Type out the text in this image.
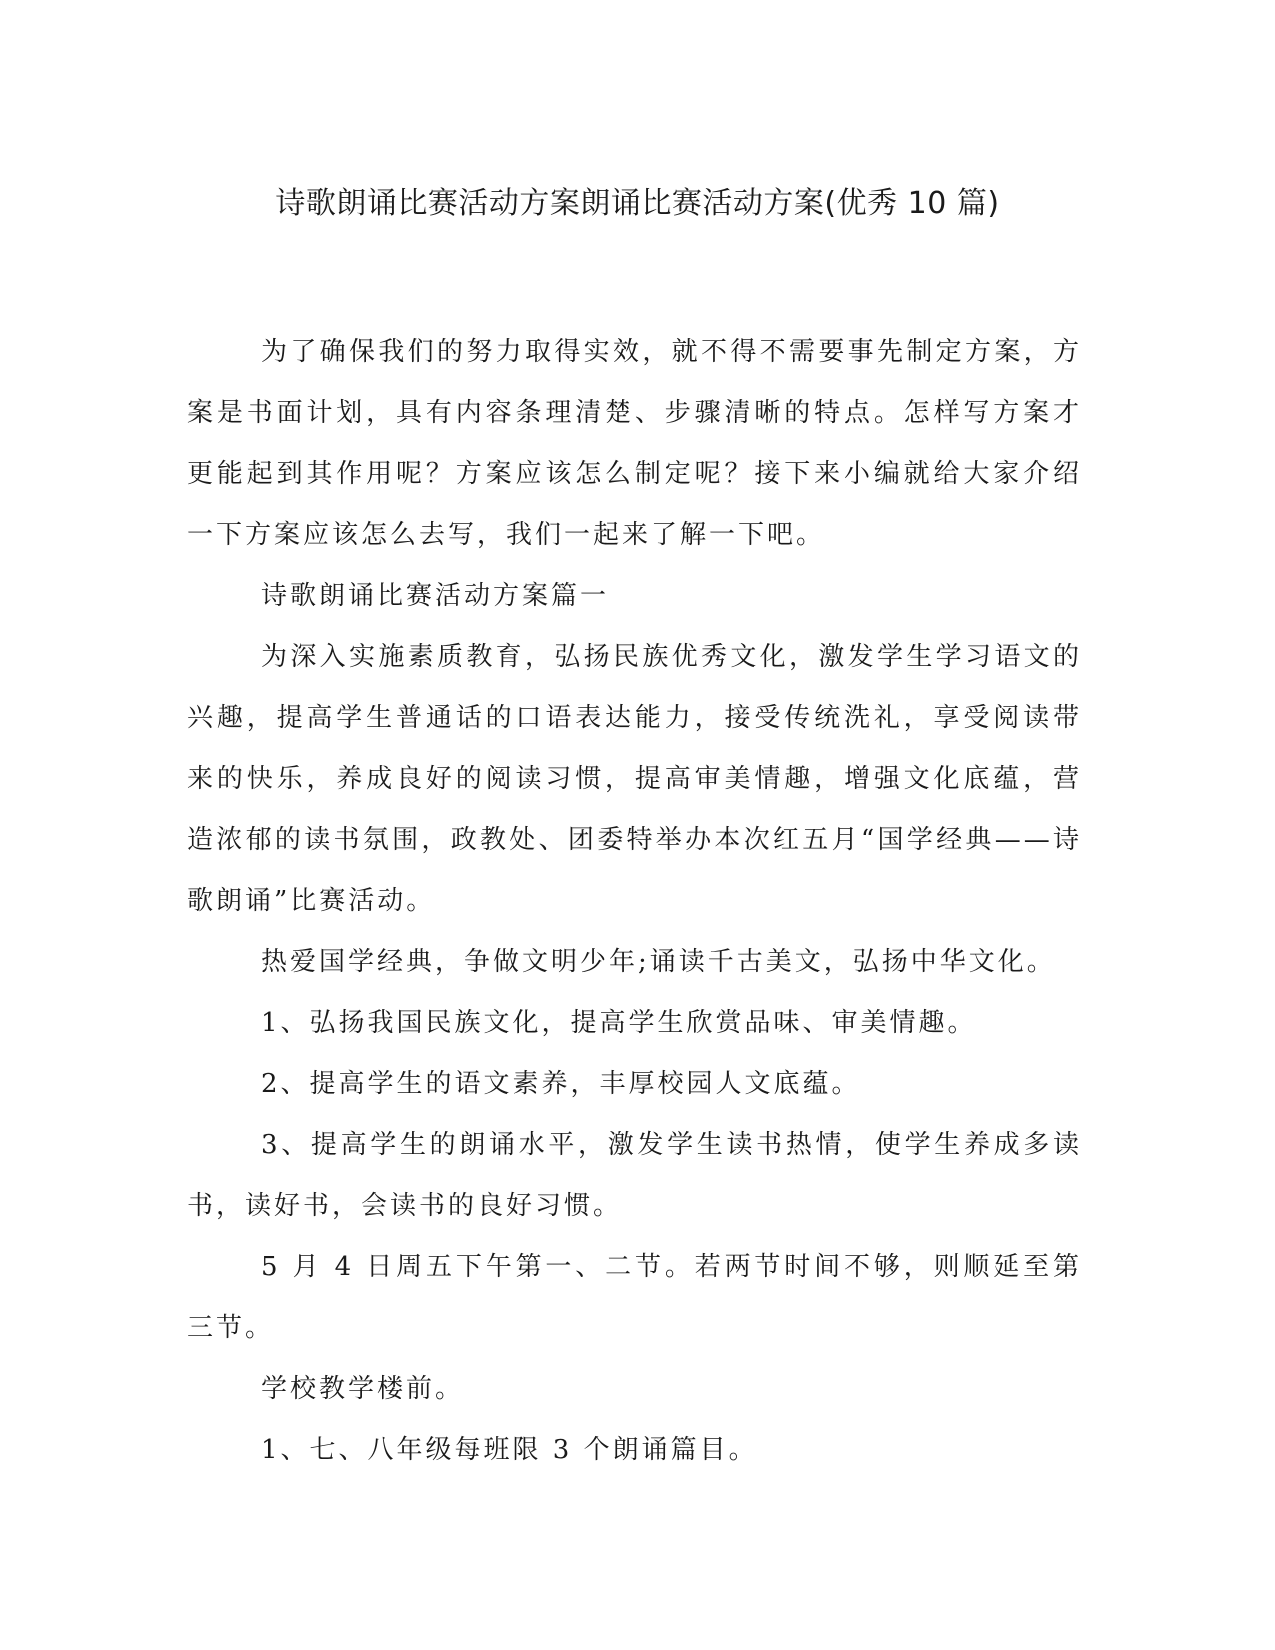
诗歌朗诵比赛活动方案朗诵比赛活动方案(优秀 10 篇)

为了确保我们的努力取得实效，就不得不需要事先制定方案，方案是书面计划，具有内容条理清楚、步骤清晰的特点。怎样写方案才更能起到其作用呢？方案应该怎么制定呢？接下来小编就给大家介绍一下方案应该怎么去写，我们一起来了解一下吧。

诗歌朗诵比赛活动方案篇一

为深入实施素质教育，弘扬民族优秀文化，激发学生学习语文的兴趣，提高学生普通话的口语表达能力，接受传统洗礼，享受阅读带来的快乐，养成良好的阅读习惯，提高审美情趣，增强文化底蕴，营造浓郁的读书氛围，政教处、团委特举办本次红五月“国学经典——诗歌朗诵”比赛活动。

热爱国学经典，争做文明少年;诵读千古美文，弘扬中华文化。

1、弘扬我国民族文化，提高学生欣赏品味、审美情趣。

2、提高学生的语文素养，丰厚校园人文底蕴。

3、提高学生的朗诵水平，激发学生读书热情，使学生养成多读书，读好书，会读书的良好习惯。

5 月 4 日周五下午第一、二节。若两节时间不够，则顺延至第三节。

学校教学楼前。

1、七、八年级每班限 3 个朗诵篇目。
